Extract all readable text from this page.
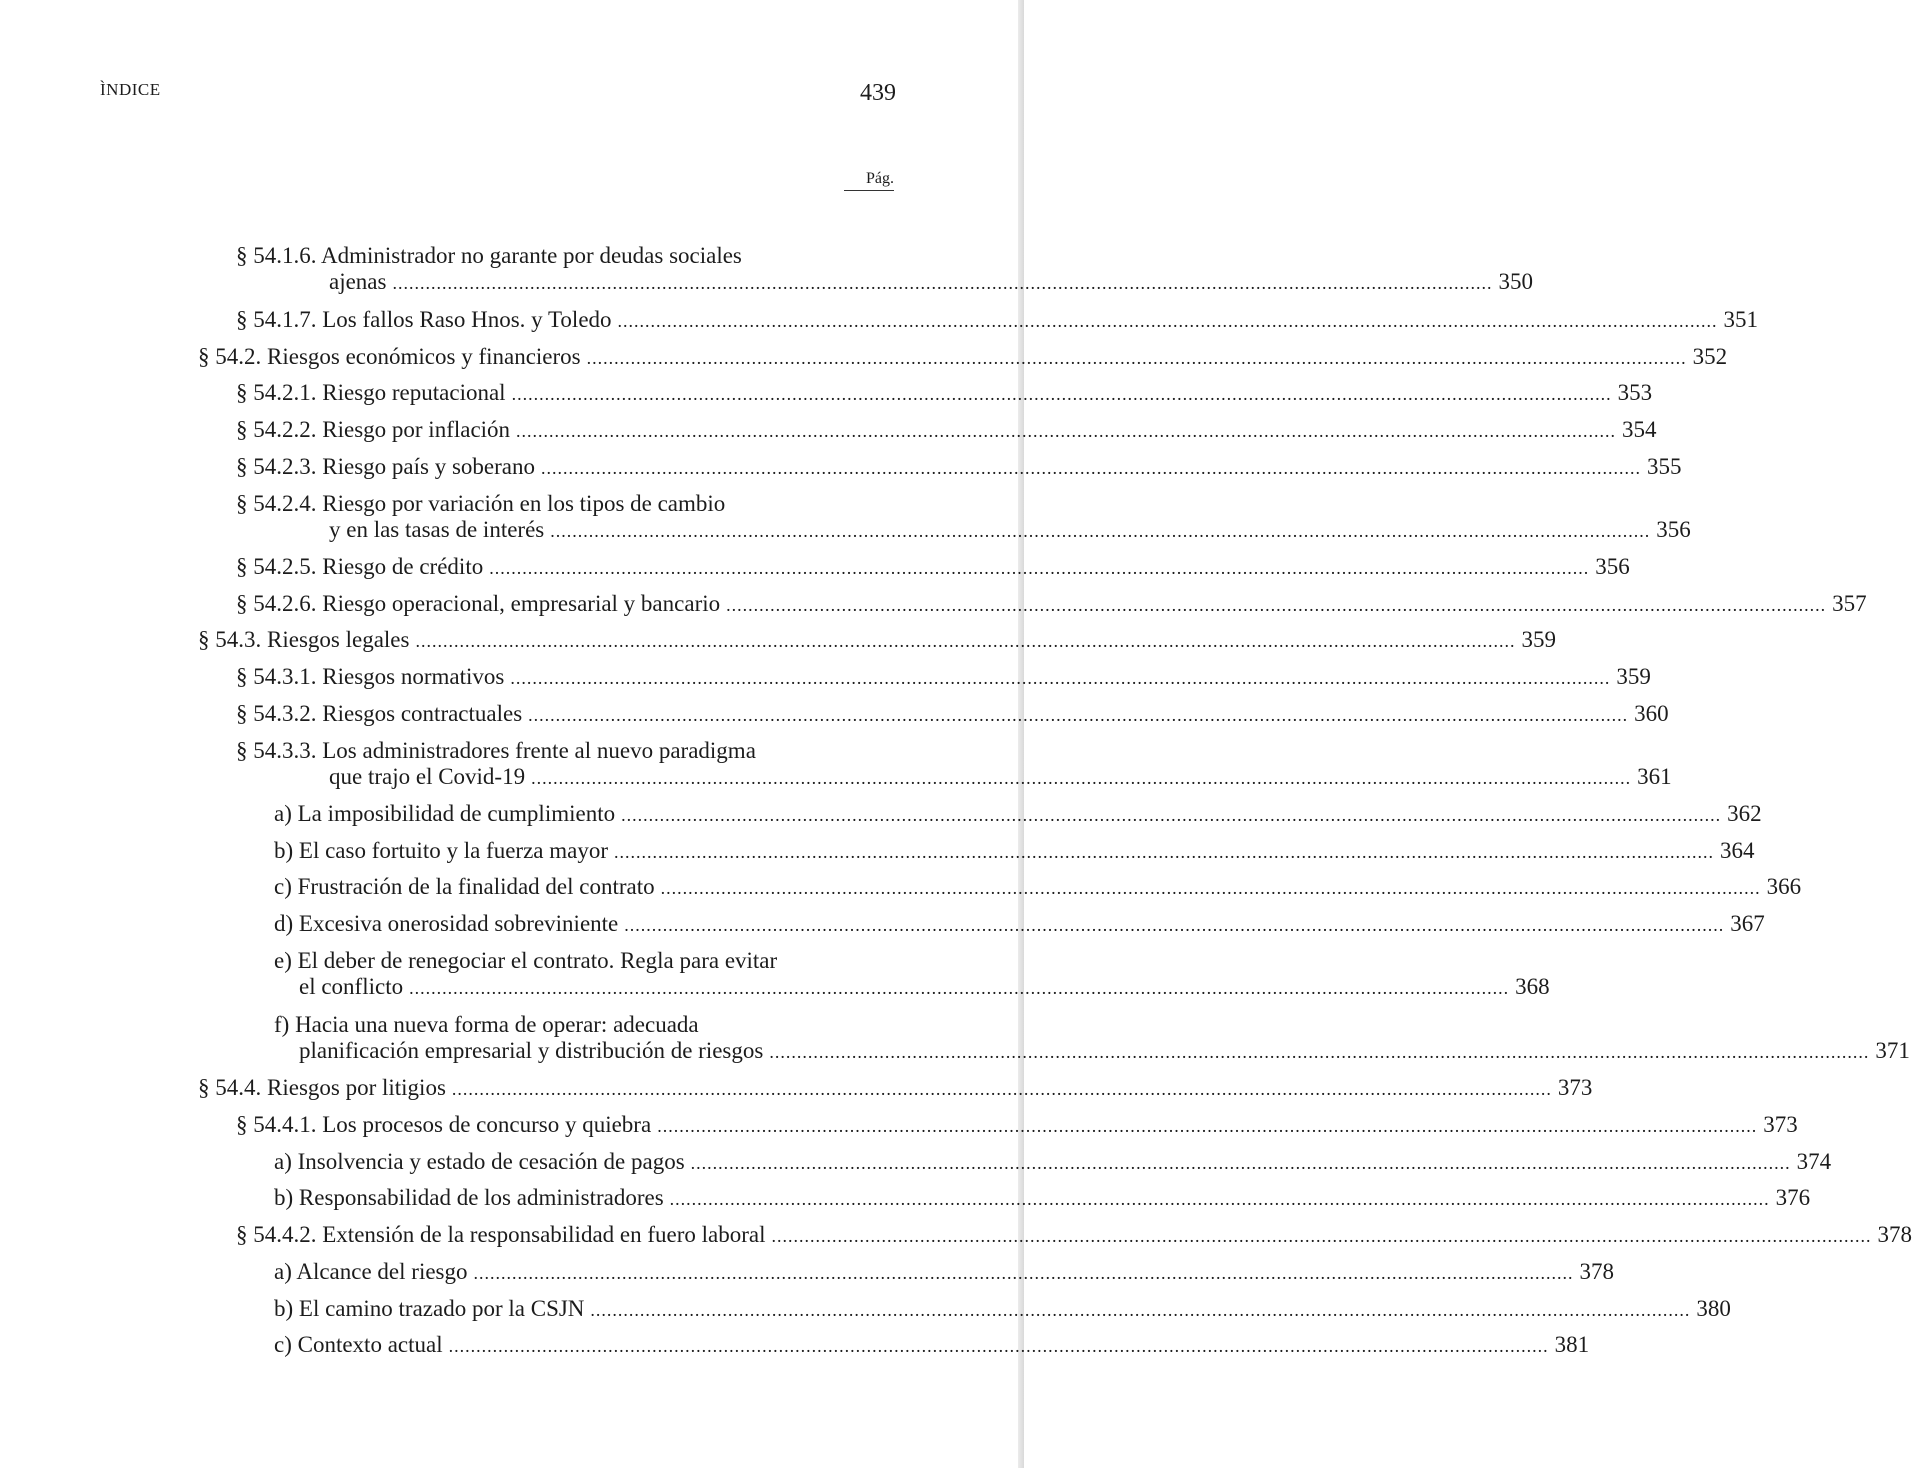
ÌNDICE	439
Pág.
§ 54.1.6. Administrador no garante por deudas sociales
ajenas ........................................................................................................................................................................................................ 350
§ 54.1.7. Los fallos Raso Hnos. y Toledo ........................................................................................................................................................................................................ 351
§ 54.2. Riesgos económicos y financieros ........................................................................................................................................................................................................ 352
§ 54.2.1. Riesgo reputacional ........................................................................................................................................................................................................ 353
§ 54.2.2. Riesgo por inflación ........................................................................................................................................................................................................ 354
§ 54.2.3. Riesgo país y soberano ........................................................................................................................................................................................................ 355
§ 54.2.4. Riesgo por variación en los tipos de cambio
y en las tasas de interés ........................................................................................................................................................................................................ 356
§ 54.2.5. Riesgo de crédito ........................................................................................................................................................................................................ 356
§ 54.2.6. Riesgo operacional, empresarial y bancario ........................................................................................................................................................................................................ 357
§ 54.3. Riesgos legales ........................................................................................................................................................................................................ 359
§ 54.3.1. Riesgos normativos ........................................................................................................................................................................................................ 359
§ 54.3.2. Riesgos contractuales ........................................................................................................................................................................................................ 360
§ 54.3.3. Los administradores frente al nuevo paradigma
que trajo el Covid-19 ........................................................................................................................................................................................................ 361
a) La imposibilidad de cumplimiento ........................................................................................................................................................................................................ 362
b) El caso fortuito y la fuerza mayor ........................................................................................................................................................................................................ 364
c) Frustración de la finalidad del contrato ........................................................................................................................................................................................................ 366
d) Excesiva onerosidad sobreviniente ........................................................................................................................................................................................................ 367
e) El deber de renegociar el contrato. Regla para evitar
el conflicto ........................................................................................................................................................................................................ 368
f) Hacia una nueva forma de operar: adecuada
planificación empresarial y distribución de riesgos ........................................................................................................................................................................................................ 371
§ 54.4. Riesgos por litigios ........................................................................................................................................................................................................ 373
§ 54.4.1. Los procesos de concurso y quiebra ........................................................................................................................................................................................................ 373
a) Insolvencia y estado de cesación de pagos ........................................................................................................................................................................................................ 374
b) Responsabilidad de los administradores ........................................................................................................................................................................................................ 376
§ 54.4.2. Extensión de la responsabilidad en fuero laboral ........................................................................................................................................................................................................ 378
a) Alcance del riesgo ........................................................................................................................................................................................................ 378
b) El camino trazado por la CSJN ........................................................................................................................................................................................................ 380
c) Contexto actual ........................................................................................................................................................................................................ 381
